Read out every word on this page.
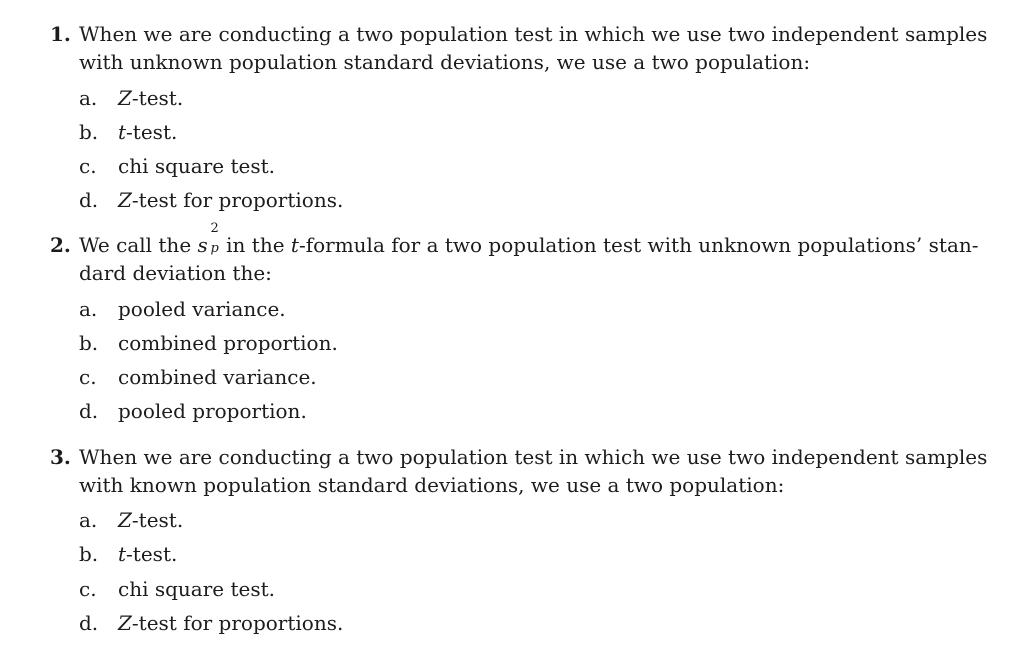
1. When we are conducting a two population test in which we use two independent samples
with unknown population standard deviations, we use a two population:
a. Z-test.
b. t-test.
c. chi square test.
d. Z-test for proportions.
2. We call the s
2
p in the t-formula for a two population test with unknown populations’ stan-
dard deviation the:
a. pooled variance.
b. combined proportion.
c. combined variance.
d. pooled proportion.
3. When we are conducting a two population test in which we use two independent samples
with known population standard deviations, we use a two population:
a. Z-test.
b. t-test.
c. chi square test.
d. Z-test for proportions.
